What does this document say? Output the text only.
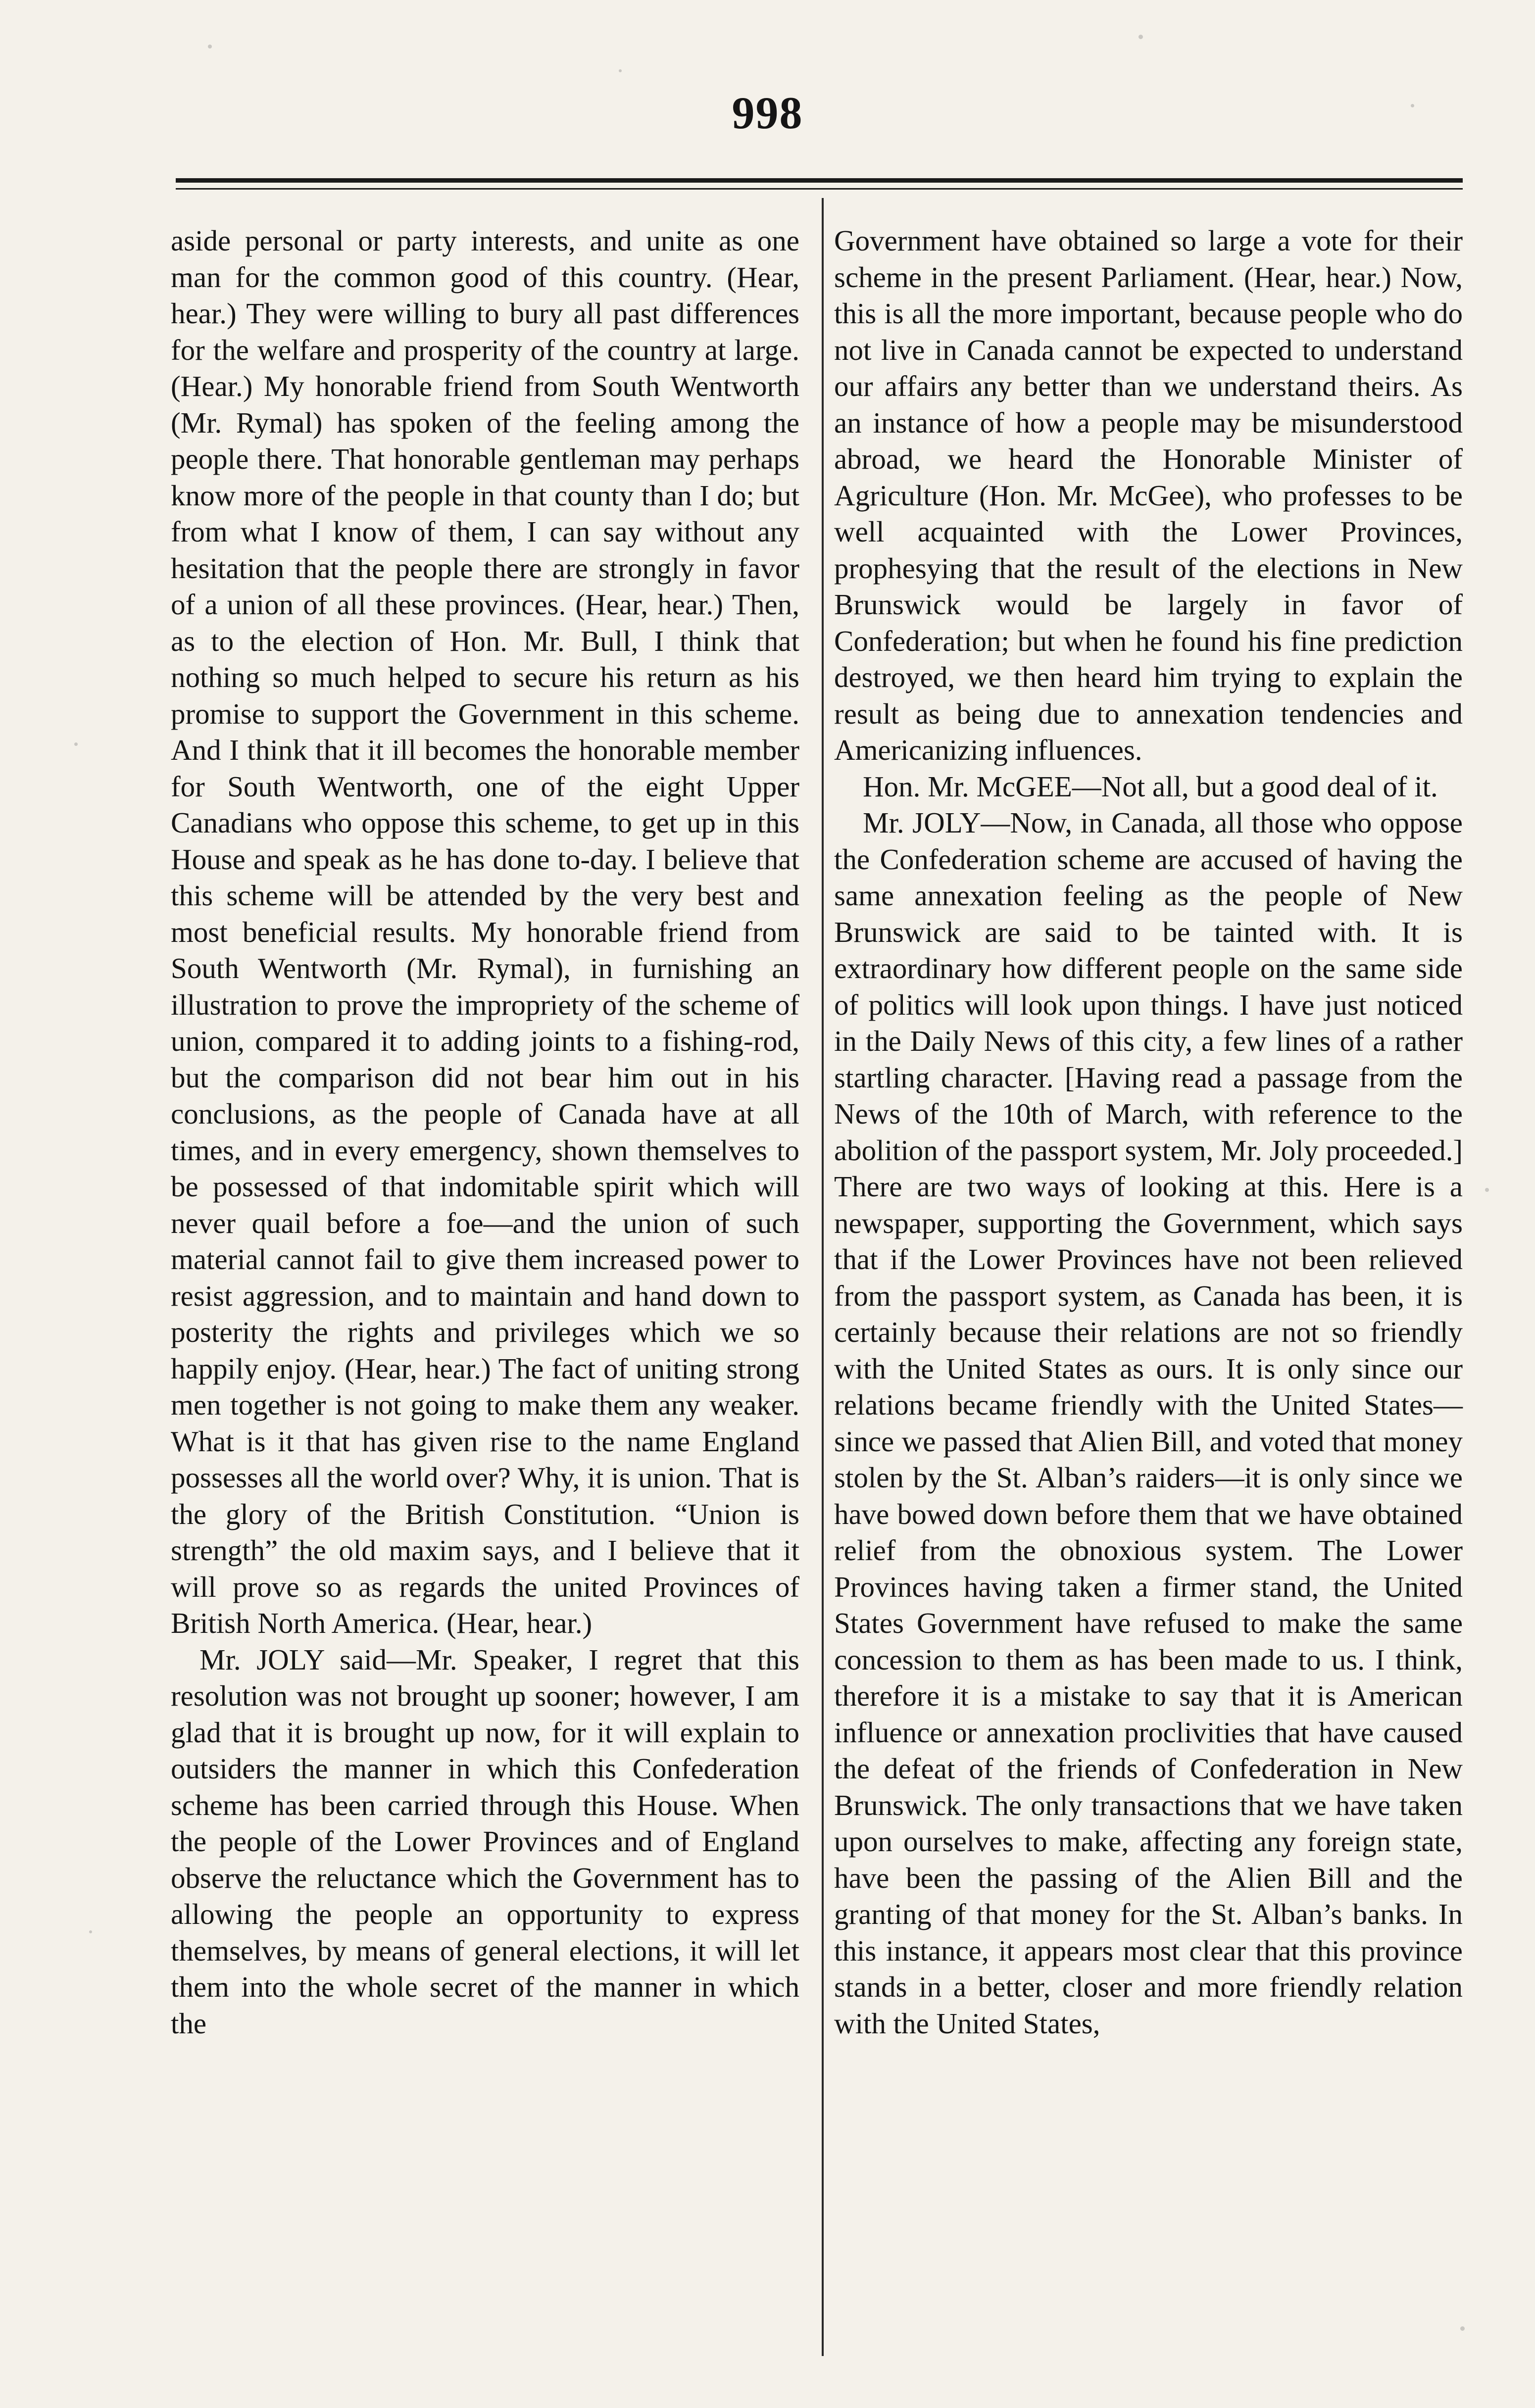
998

aside personal or party interests, and unite as one man for the common good of this country. (Hear, hear.) They were willing to bury all past differences for the welfare and prosperity of the country at large. (Hear.) My honorable friend from South Wentworth (Mr. Rymal) has spoken of the feeling among the people there. That honorable gentleman may perhaps know more of the people in that county than I do; but from what I know of them, I can say without any hesitation that the people there are strongly in favor of a union of all these provinces. (Hear, hear.) Then, as to the election of Hon. Mr. Bull, I think that nothing so much helped to secure his return as his promise to support the Government in this scheme. And I think that it ill becomes the honorable member for South Wentworth, one of the eight Upper Canadians who oppose this scheme, to get up in this House and speak as he has done to-day. I believe that this scheme will be attended by the very best and most beneficial results. My honorable friend from South Wentworth (Mr. Rymal), in furnishing an illustration to prove the impropriety of the scheme of union, compared it to adding joints to a fishing-rod, but the comparison did not bear him out in his conclusions, as the people of Canada have at all times, and in every emergency, shown themselves to be possessed of that indomitable spirit which will never quail before a foe—and the union of such material cannot fail to give them increased power to resist aggression, and to maintain and hand down to posterity the rights and privileges which we so happily enjoy. (Hear, hear.) The fact of uniting strong men together is not going to make them any weaker. What is it that has given rise to the name England possesses all the world over? Why, it is union. That is the glory of the British Constitution. “Union is strength” the old maxim says, and I believe that it will prove so as regards the united Provinces of British North America. (Hear, hear.)

Mr. JOLY said—Mr. Speaker, I regret that this resolution was not brought up sooner; however, I am glad that it is brought up now, for it will explain to outsiders the manner in which this Confederation scheme has been carried through this House. When the people of the Lower Provinces and of England observe the reluctance which the Government has to allowing the people an opportunity to express themselves, by means of general elections, it will let them into the whole secret of the manner in which the

Government have obtained so large a vote for their scheme in the present Parliament. (Hear, hear.) Now, this is all the more important, because people who do not live in Canada cannot be expected to understand our affairs any better than we understand theirs. As an instance of how a people may be misunderstood abroad, we heard the Honorable Minister of Agriculture (Hon. Mr. McGee), who professes to be well acquainted with the Lower Provinces, prophesying that the result of the elections in New Brunswick would be largely in favor of Confederation; but when he found his fine prediction destroyed, we then heard him trying to explain the result as being due to annexation tendencies and Americanizing influences.

Hon. Mr. McGEE—Not all, but a good deal of it.

Mr. JOLY—Now, in Canada, all those who oppose the Confederation scheme are accused of having the same annexation feeling as the people of New Brunswick are said to be tainted with. It is extraordinary how different people on the same side of politics will look upon things. I have just noticed in the Daily News of this city, a few lines of a rather startling character. [Having read a passage from the News of the 10th of March, with reference to the abolition of the passport system, Mr. Joly proceeded.] There are two ways of looking at this. Here is a newspaper, supporting the Government, which says that if the Lower Provinces have not been relieved from the passport system, as Canada has been, it is certainly because their relations are not so friendly with the United States as ours. It is only since our relations became friendly with the United States—since we passed that Alien Bill, and voted that money stolen by the St. Alban’s raiders—it is only since we have bowed down before them that we have obtained relief from the obnoxious system. The Lower Provinces having taken a firmer stand, the United States Government have refused to make the same concession to them as has been made to us. I think, therefore it is a mistake to say that it is American influence or annexation proclivities that have caused the defeat of the friends of Confederation in New Brunswick. The only transactions that we have taken upon ourselves to make, affecting any foreign state, have been the passing of the Alien Bill and the granting of that money for the St. Alban’s banks. In this instance, it appears most clear that this province stands in a better, closer and more friendly relation with the United States,
